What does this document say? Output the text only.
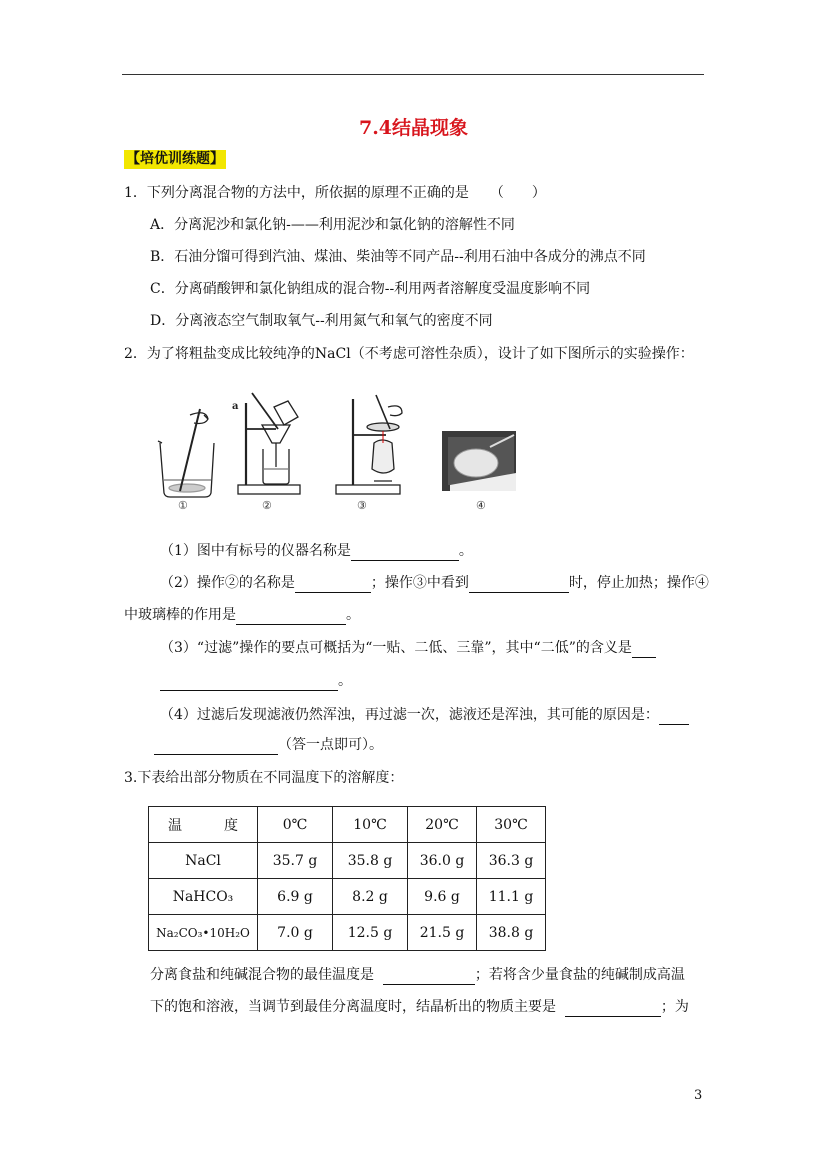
7.4结晶现象
【培优训练题】
1．下列分离混合物的方法中，所依据的原理不正确的是　　（　　）
A．分离泥沙和氯化钠-——利用泥沙和氯化钠的溶解性不同
B．石油分馏可得到汽油、煤油、柴油等不同产品--利用石油中各成分的沸点不同
C．分离硝酸钾和氯化钠组成的混合物--利用两者溶解度受温度影响不同
D．分离液态空气制取氧气--利用氮气和氧气的密度不同
2．为了将粗盐变成比较纯净的NaCl（不考虑可溶性杂质），设计了如下图所示的实验操作：
a
①	②	③	④
（1）图中有标号的仪器名称是	。
（2）操作②的名称是	；操作③中看到	时，停止加热；操作④
中玻璃棒的作用是	。
（3）“过滤”操作的要点可概括为“一贴、二低、三靠”，其中“二低”的含义是
。
（4）过滤后发现滤液仍然浑浊，再过滤一次，滤液还是浑浊，其可能的原因是：
（答一点即可）。
3.下表给出部分物质在不同温度下的溶解度：
温　　　度	0℃	10℃	20℃	30℃
NaCl	35.7 g	35.8 g	36.0 g	36.3 g
NaHCO₃	6.9 g	8.2 g	9.6 g	11.1 g
Na₂CO₃•10H₂O	7.0 g	12.5 g	21.5 g	38.8 g
分离食盐和纯碱混合物的最佳温度是	；若将含少量食盐的纯碱制成高温
下的饱和溶液，当调节到最佳分离温度时，结晶析出的物质主要是	；为
3
